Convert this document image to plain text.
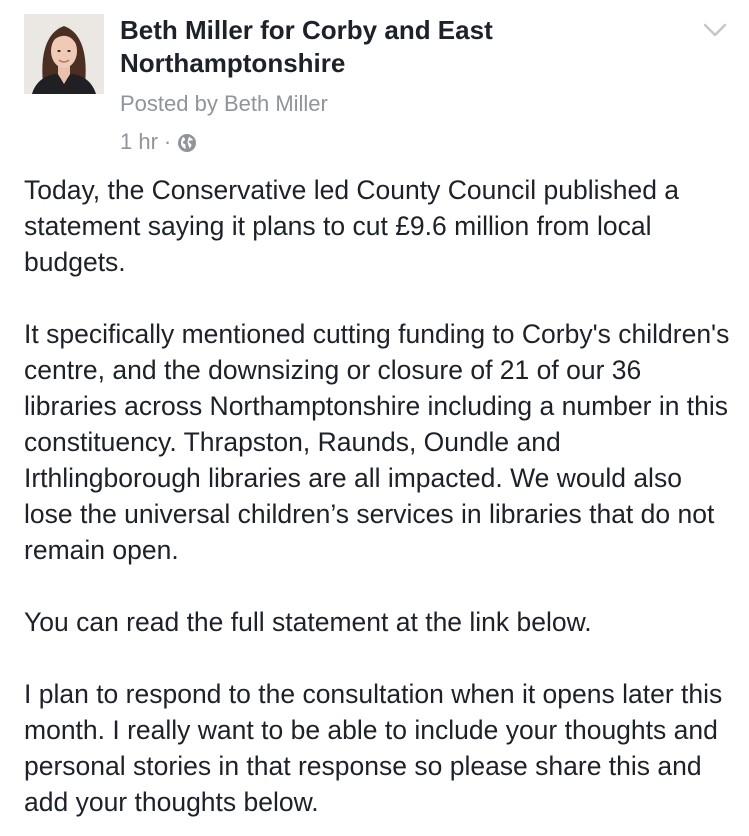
Beth Miller for Corby and East Northamptonshire
Posted by Beth Miller
1 hr ·

Today, the Conservative led County Council published a statement saying it plans to cut £9.6 million from local budgets.

It specifically mentioned cutting funding to Corby's children's centre, and the downsizing or closure of 21 of our 36 libraries across Northamptonshire including a number in this constituency. Thrapston, Raunds, Oundle and Irthlingborough libraries are all impacted. We would also lose the universal children’s services in libraries that do not remain open.

You can read the full statement at the link below.

I plan to respond to the consultation when it opens later this month. I really want to be able to include your thoughts and personal stories in that response so please share this and add your thoughts below.
